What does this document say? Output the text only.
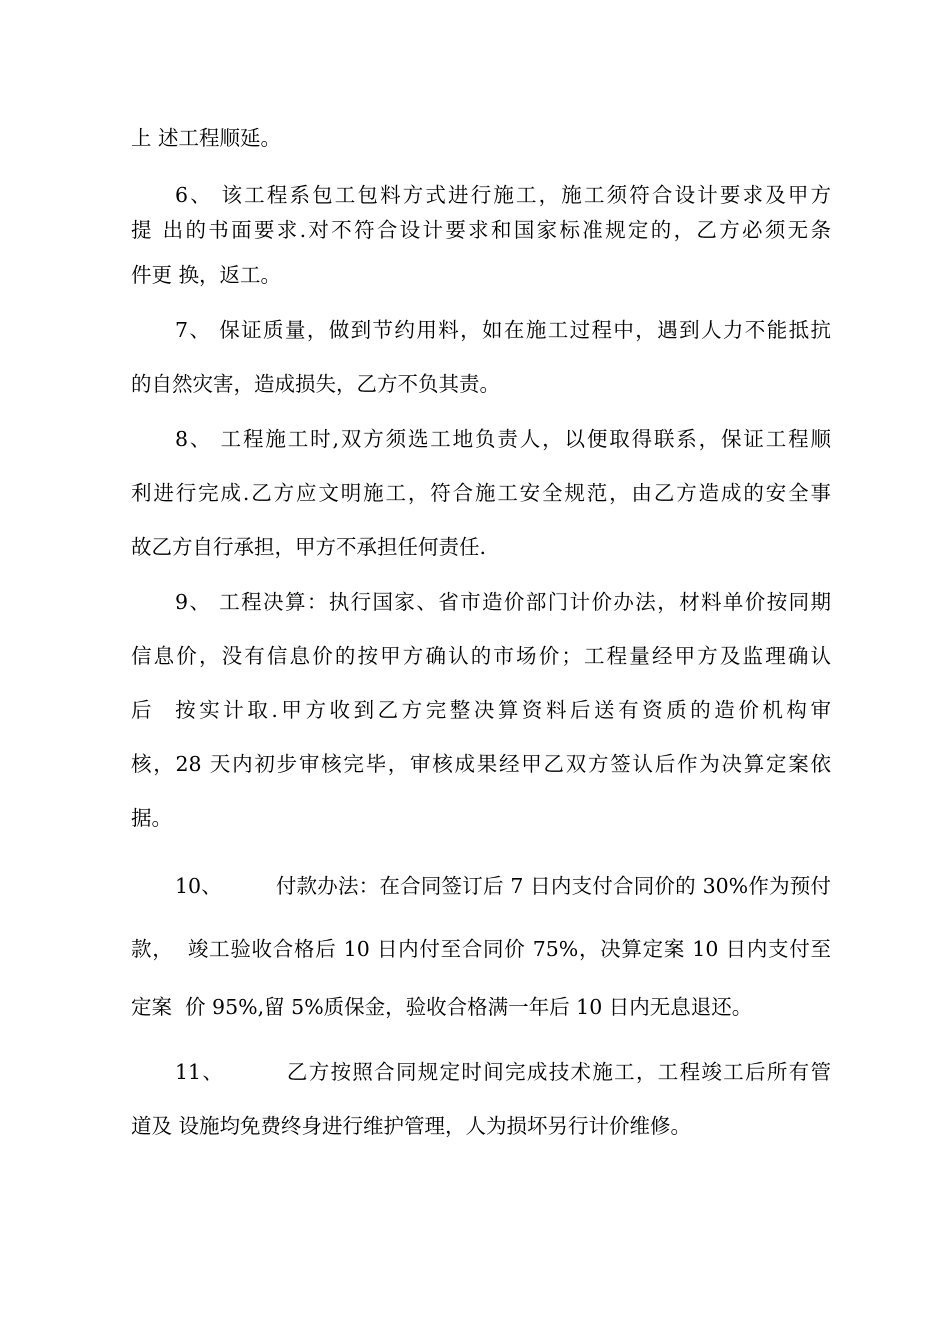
上 述工程顺延。
6、 该工程系包工包料方式进行施工，施工须符合设计要求及甲方
提 出的书面要求.对不符合设计要求和国家标准规定的，乙方必须无条
件更 换，返工。
7、 保证质量，做到节约用料，如在施工过程中，遇到人力不能抵抗
的自然灾害，造成损失，乙方不负其责。
8、 工程施工时,双方须选工地负责人，以便取得联系，保证工程顺
利进行完成.乙方应文明施工，符合施工安全规范，由乙方造成的安全事
故乙方自行承担，甲方不承担任何责任.
9、 工程决算：执行国家、省市造价部门计价办法，材料单价按同期
信息价，没有信息价的按甲方确认的市场价；工程量经甲方及监理确认
后  按实计取.甲方收到乙方完整决算资料后送有资质的造价机构审
核，28 天内初步审核完毕，审核成果经甲乙双方签认后作为决算定案依
据。
10、        付款办法：在合同签订后 7 日内支付合同价的 30%作为预付
款，  竣工验收合格后 10 日内付至合同价 75%，决算定案 10 日内支付至
定案  价 95%,留 5%质保金，验收合格满一年后 10 日内无息退还。
11、        乙方按照合同规定时间完成技术施工，工程竣工后所有管
道及 设施均免费终身进行维护管理，人为损坏另行计价维修。
